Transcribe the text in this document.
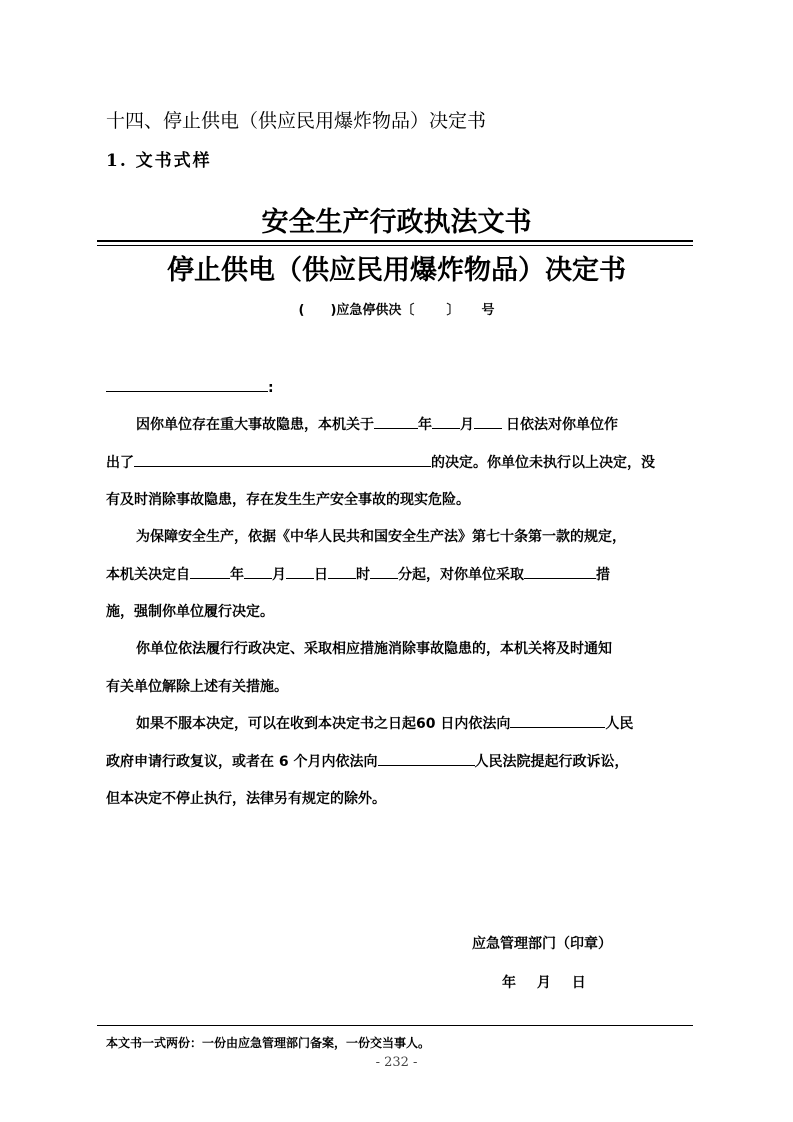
十四、停止供电（供应民用爆炸物品）决定书
1. 文书式样
安全生产行政执法文书
停止供电（供应民用爆炸物品）决定书
( )应急停供决〔 〕 号
:
因你单位存在重大事故隐患，本机关于	年 月 日依法对你单位作
出了	的决定。你单位未执行以上决定，没
有及时消除事故隐患，存在发生生产安全事故的现实危险。
为保障安全生产，依据《中华人民共和国安全生产法》第七十条第一款的规定，
本机关决定自	年 月 日 时 分起，对你单位采取	措
施，强制你单位履行决定。
你单位依法履行行政决定、采取相应措施消除事故隐患的，本机关将及时通知
有关单位解除上述有关措施。
如果不服本决定，可以在收到本决定书之日起60 日内依法向	人民
政府申请行政复议，或者在 6 个月内依法向	人民法院提起行政诉讼，
但本决定不停止执行，法律另有规定的除外。
应急管理部门（印章）
年 月 日
本文书一式两份：一份由应急管理部门备案，一份交当事人。
- 232 -
